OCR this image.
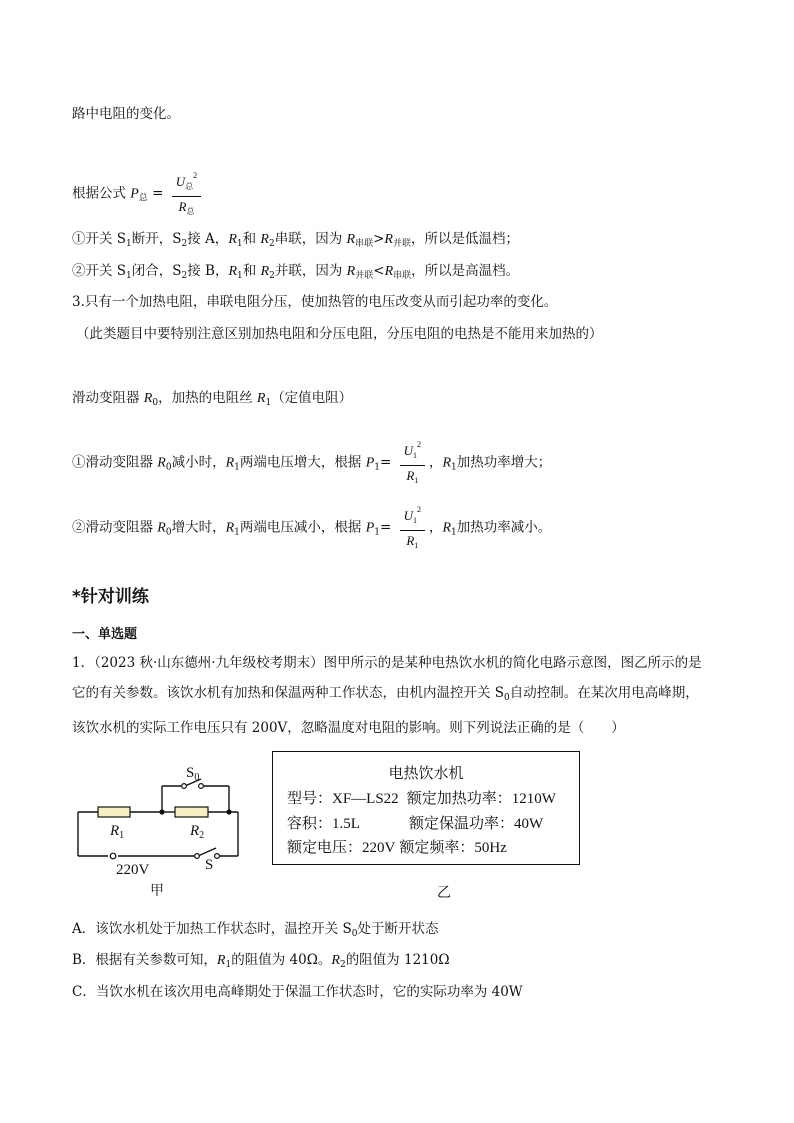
路中电阻的变化。
根据公式 $P_总 = \frac{U_总^2}{R_总}$
①开关 $S_1$断开，$S_2$接 A，$R_1$和 $R_2$串联，因为 $R_{串联}>R_{并联}$，所以是低温档；
②开关 $S_1$闭合，$S_2$接 B，$R_1$和 $R_2$并联，因为 $R_{并联}<R_{串联}$，所以是高温档。
3.只有一个加热电阻，串联电阻分压，使加热管的电压改变从而引起功率的变化。
（此类题目中要特别注意区别加热电阻和分压电阻，分压电阻的电热是不能用来加热的）
滑动变阻器 $R_0$，加热的电阻丝 $R_1$（定值电阻）
①滑动变阻器 $R_0$减小时，$R_1$两端电压增大，根据 $P_1= \frac{U_1^2}{R_1}$ ，$R_1$加热功率增大；
②滑动变阻器 $R_0$增大时，$R_1$两端电压减小，根据 $P_1= \frac{U_1^2}{R_1}$ ，$R_1$加热功率减小。
*针对训练
一、单选题
1．（2023 秋·山东德州·九年级校考期末）图甲所示的是某种电热饮水机的简化电路示意图，图乙所示的是
它的有关参数。该饮水机有加热和保温两种工作状态，由机内温控开关 $S_0$自动控制。在某次用电高峰期，
该饮水机的实际工作电压只有 200V，忽略温度对电阻的影响。则下列说法正确的是（　　）
$S_0$
$R_1$	$R_2$
220V	S
甲
电热饮水机
型号：XF—LS22 额定加热功率：1210W
容积：1.5L	额定保温功率：40W
额定电压：220V 额定频率：50Hz
乙
A．该饮水机处于加热工作状态时，温控开关 $S_0$处于断开状态
B．根据有关参数可知，$R_1$的阻值为 40Ω。$R_2$的阻值为 1210Ω
C．当饮水机在该次用电高峰期处于保温工作状态时，它的实际功率为 40W
